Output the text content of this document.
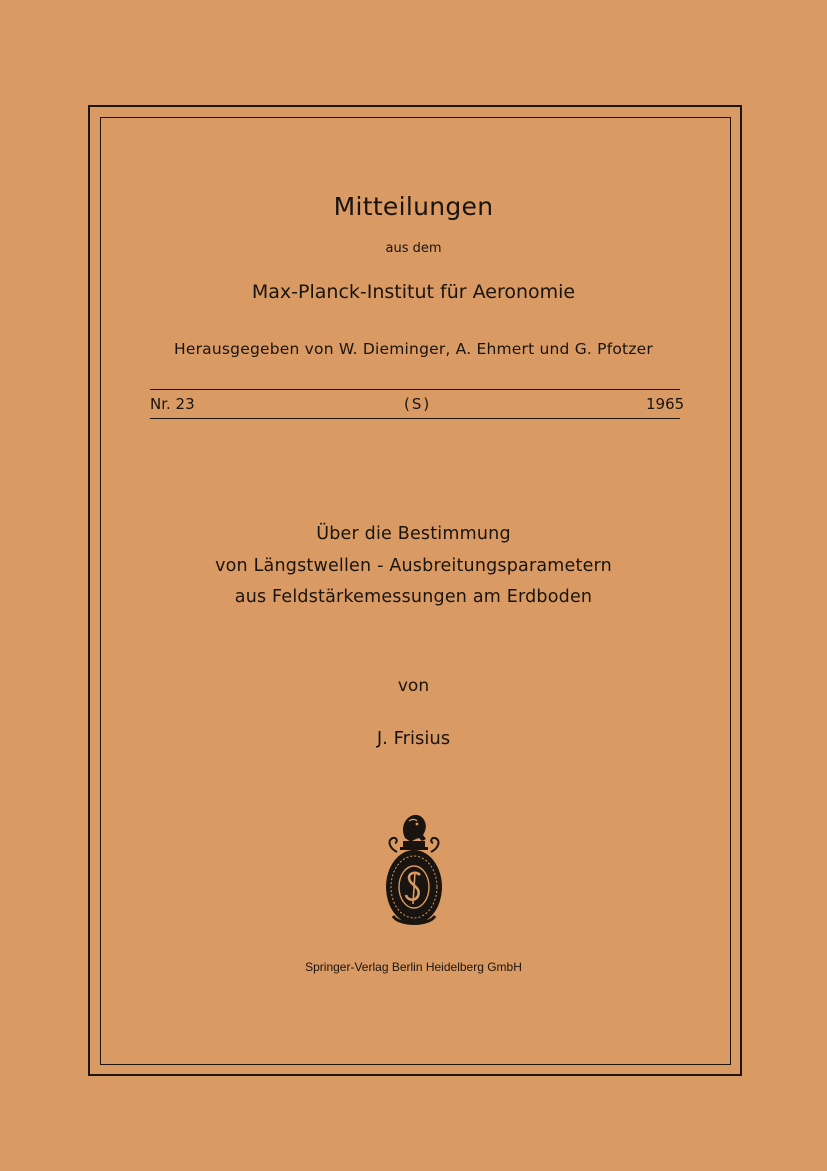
Mitteilungen
aus dem
Max-Planck-Institut für Aeronomie
Herausgegeben von W. Dieminger, A. Ehmert und G. Pfotzer
Nr. 23	(S)	1965
Über die Bestimmung
von Längstwellen - Ausbreitungsparametern
aus Feldstärkemessungen am Erdboden
von
J. Frisius
Springer-Verlag Berlin Heidelberg GmbH
